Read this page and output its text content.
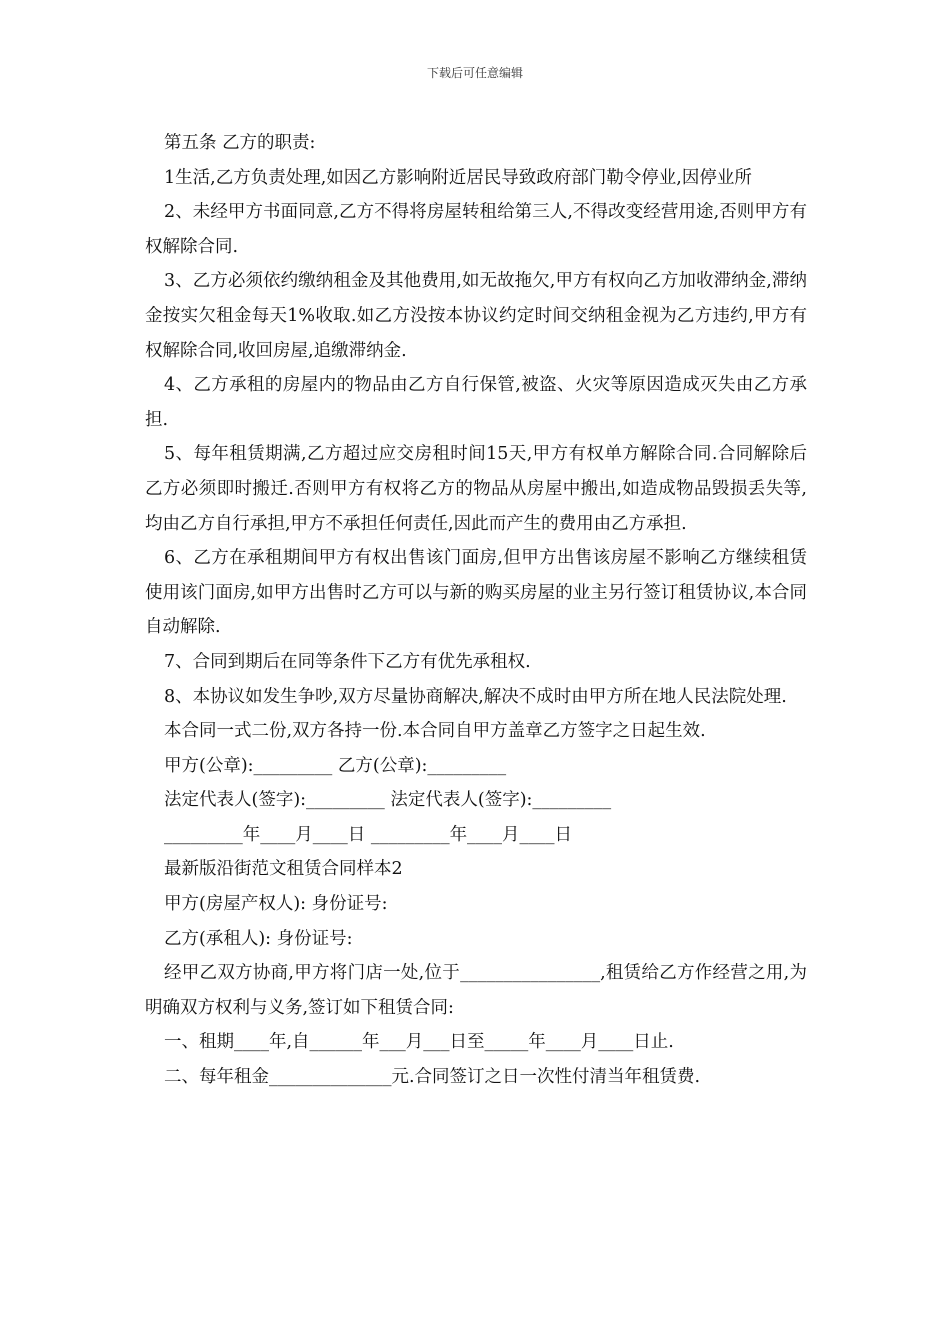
下载后可任意编辑

第五条 乙方的职责:

1生活,乙方负责处理,如因乙方影响附近居民导致政府部门勒令停业,因停业所

2、未经甲方书面同意,乙方不得将房屋转租给第三人,不得改变经营用途,否则甲方有权解除合同.

3、乙方必须依约缴纳租金及其他费用,如无故拖欠,甲方有权向乙方加收滞纳金,滞纳金按实欠租金每天1%收取.如乙方没按本协议约定时间交纳租金视为乙方违约,甲方有权解除合同,收回房屋,追缴滞纳金.

4、乙方承租的房屋内的物品由乙方自行保管,被盗、火灾等原因造成灭失由乙方承担.

5、每年租赁期满,乙方超过应交房租时间15天,甲方有权单方解除合同.合同解除后乙方必须即时搬迁.否则甲方有权将乙方的物品从房屋中搬出,如造成物品毁损丢失等,均由乙方自行承担,甲方不承担任何责任,因此而产生的费用由乙方承担.

6、乙方在承租期间甲方有权出售该门面房,但甲方出售该房屋不影响乙方继续租赁使用该门面房,如甲方出售时乙方可以与新的购买房屋的业主另行签订租赁协议,本合同自动解除.

7、合同到期后在同等条件下乙方有优先承租权.

8、本协议如发生争吵,双方尽量协商解决,解决不成时由甲方所在地人民法院处理.

本合同一式二份,双方各持一份.本合同自甲方盖章乙方签字之日起生效.

甲方(公章):_________ 乙方(公章):_________

法定代表人(签字):_________ 法定代表人(签字):_________

_________年____月____日 _________年____月____日

最新版沿街范文租赁合同样本2

甲方(房屋产权人): 身份证号:

乙方(承租人): 身份证号:

经甲乙双方协商,甲方将门店一处,位于________________,租赁给乙方作经营之用,为明确双方权利与义务,签订如下租赁合同:

一、租期____年,自______年___月___日至_____年____月____日止.

二、每年租金______________元.合同签订之日一次性付清当年租赁费.
